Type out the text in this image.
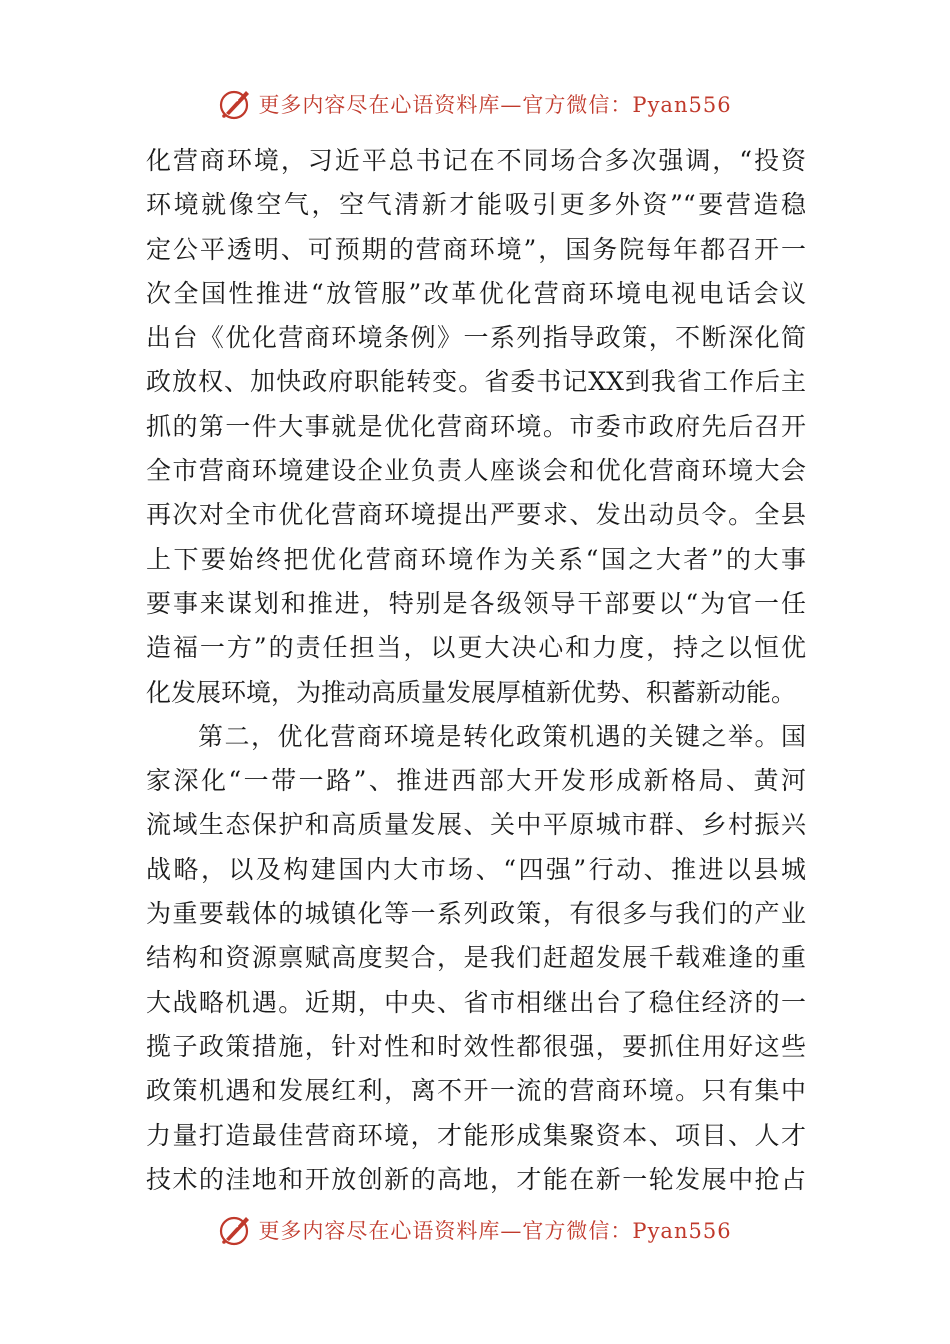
更多内容尽在心语资料库—官方微信：Pyan556
化营商环境，习近平总书记在不同场合多次强调，“投资
环境就像空气，空气清新才能吸引更多外资”“要营造稳
定公平透明、可预期的营商环境”，国务院每年都召开一
次全国性推进“放管服”改革优化营商环境电视电话会议
出台《优化营商环境条例》一系列指导政策，不断深化简
政放权、加快政府职能转变。省委书记XX到我省工作后主
抓的第一件大事就是优化营商环境。市委市政府先后召开
全市营商环境建设企业负责人座谈会和优化营商环境大会
再次对全市优化营商环境提出严要求、发出动员令。全县
上下要始终把优化营商环境作为关系“国之大者”的大事
要事来谋划和推进，特别是各级领导干部要以“为官一任
造福一方”的责任担当，以更大决心和力度，持之以恒优
化发展环境，为推动高质量发展厚植新优势、积蓄新动能。
第二，优化营商环境是转化政策机遇的关键之举。国
家深化“一带一路”、推进西部大开发形成新格局、黄河
流域生态保护和高质量发展、关中平原城市群、乡村振兴
战略，以及构建国内大市场、“四强”行动、推进以县城
为重要载体的城镇化等一系列政策，有很多与我们的产业
结构和资源禀赋高度契合，是我们赶超发展千载难逢的重
大战略机遇。近期，中央、省市相继出台了稳住经济的一
揽子政策措施，针对性和时效性都很强，要抓住用好这些
政策机遇和发展红利，离不开一流的营商环境。只有集中
力量打造最佳营商环境，才能形成集聚资本、项目、人才
技术的洼地和开放创新的高地，才能在新一轮发展中抢占
更多内容尽在心语资料库—官方微信：Pyan556
